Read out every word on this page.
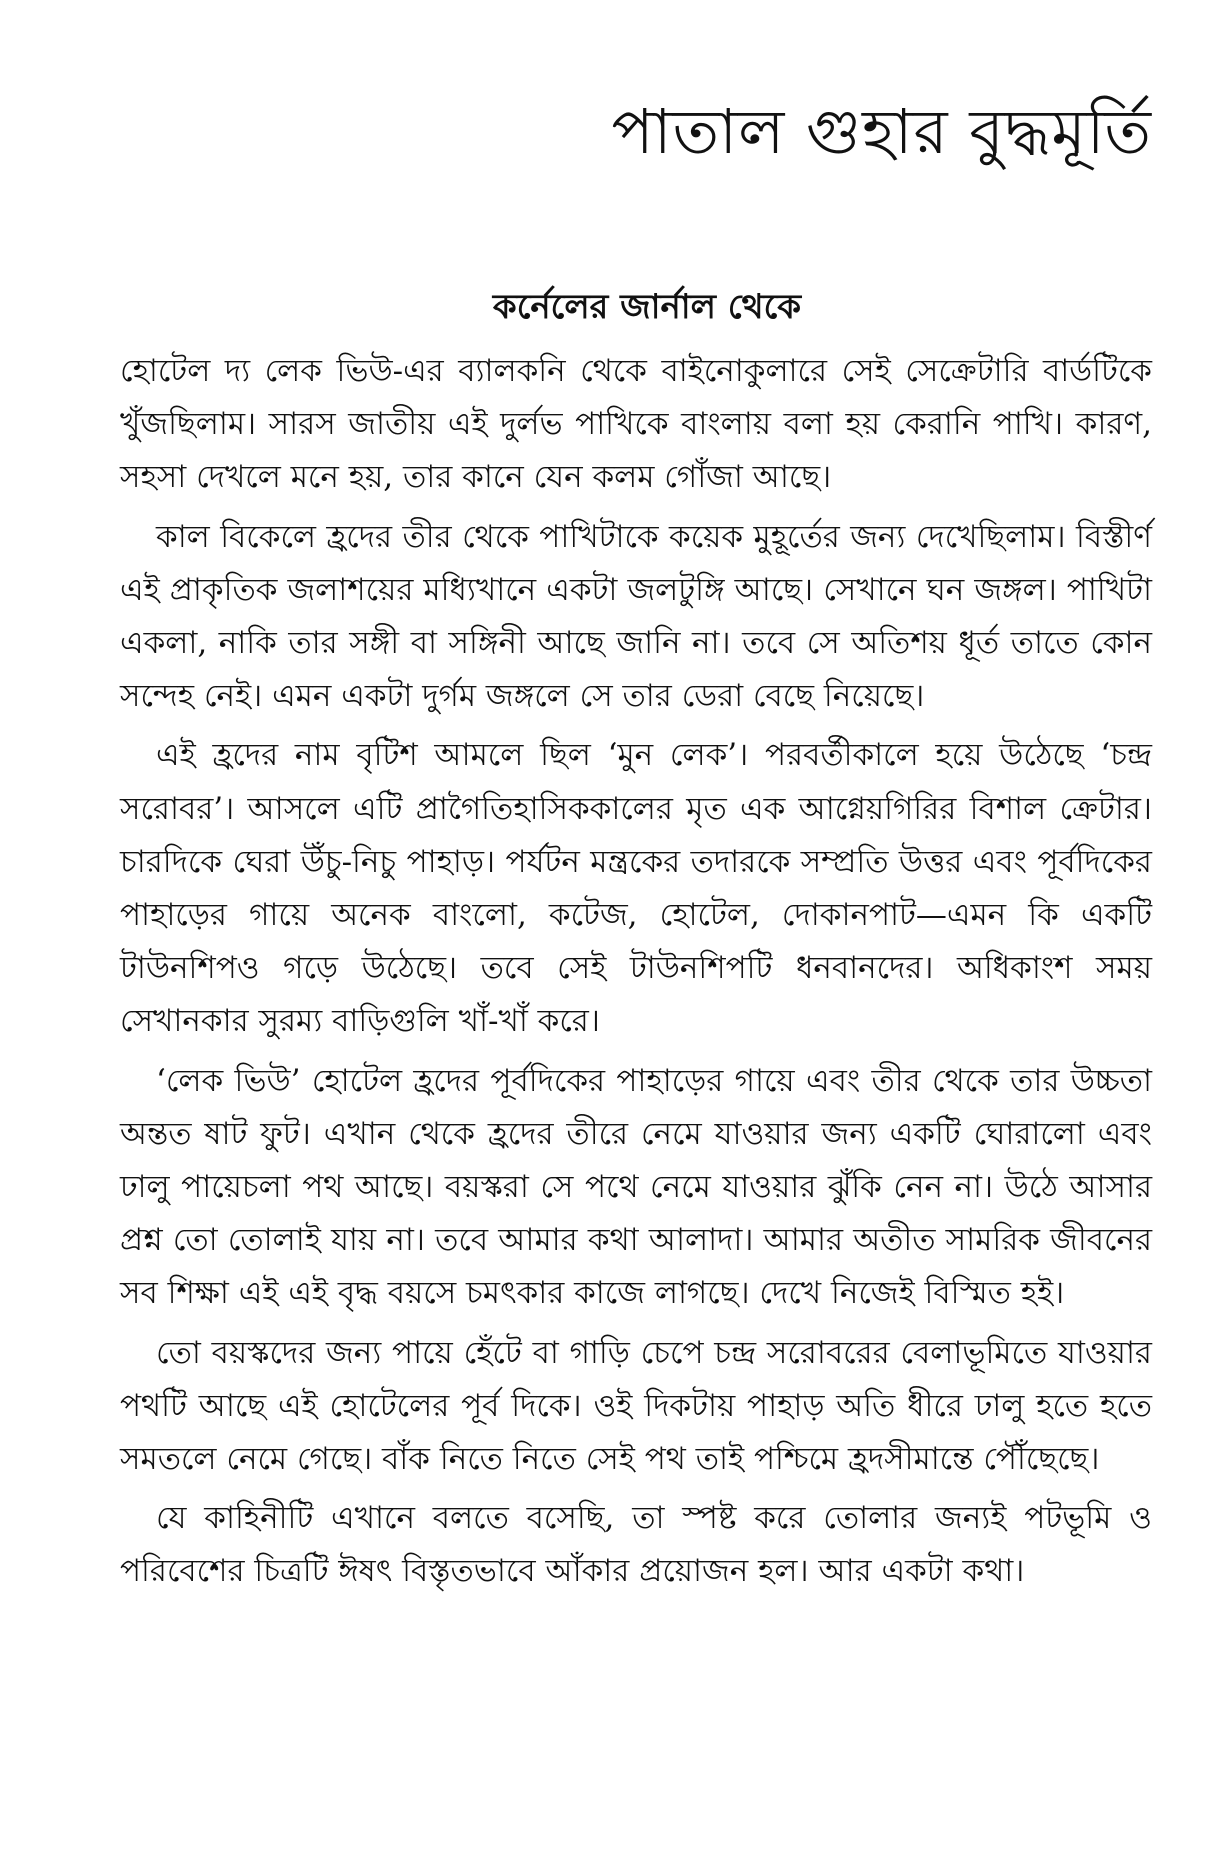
পাতাল গুহার বুদ্ধমূর্তি
কর্নেলের জার্নাল থেকে

হোটেল দ্য লেক ভিউ-এর ব্যালকনি থেকে বাইনোকুলারে সেই সেক্রেটারি বার্ডটিকে খুঁজছিলাম। সারস জাতীয় এই দুর্লভ পাখিকে বাংলায় বলা হয় কেরানি পাখি। কারণ, সহসা দেখলে মনে হয়, তার কানে যেন কলম গোঁজা আছে।

কাল বিকেলে হ্রদের তীর থেকে পাখিটাকে কয়েক মুহূর্তের জন্য দেখেছিলাম। বিস্তীর্ণ এই প্রাকৃতিক জলাশয়ের মধ্যিখানে একটা জলটুঙ্গি আছে। সেখানে ঘন জঙ্গল। পাখিটা একলা, নাকি তার সঙ্গী বা সঙ্গিনী আছে জানি না। তবে সে অতিশয় ধূর্ত তাতে কোন সন্দেহ নেই। এমন একটা দুর্গম জঙ্গলে সে তার ডেরা বেছে নিয়েছে।

এই হ্রদের নাম বৃটিশ আমলে ছিল ‘মুন লেক’। পরবর্তীকালে হয়ে উঠেছে ‘চন্দ্র সরোবর’। আসলে এটি প্রাগৈতিহাসিককালের মৃত এক আগ্নেয়গিরির বিশাল ক্রেটার। চারদিকে ঘেরা উঁচু-নিচু পাহাড়। পর্যটন মন্ত্রকের তদারকে সম্প্রতি উত্তর এবং পূর্বদিকের পাহাড়ের গায়ে অনেক বাংলো, কটেজ, হোটেল, দোকানপাট—এমন কি একটি টাউনশিপও গড়ে উঠেছে। তবে সেই টাউনশিপটি ধনবানদের। অধিকাংশ সময় সেখানকার সুরম্য বাড়িগুলি খাঁ-খাঁ করে।

‘লেক ভিউ’ হোটেল হ্রদের পূর্বদিকের পাহাড়ের গায়ে এবং তীর থেকে তার উচ্চতা অন্তত ষাট ফুট। এখান থেকে হ্রদের তীরে নেমে যাওয়ার জন্য একটি ঘোরালো এবং ঢালু পায়েচলা পথ আছে। বয়স্করা সে পথে নেমে যাওয়ার ঝুঁকি নেন না। উঠে আসার প্রশ্ন তো তোলাই যায় না। তবে আমার কথা আলাদা। আমার অতীত সামরিক জীবনের সব শিক্ষা এই এই বৃদ্ধ বয়সে চমৎকার কাজে লাগছে। দেখে নিজেই বিস্মিত হই।

তো বয়স্কদের জন্য পায়ে হেঁটে বা গাড়ি চেপে চন্দ্র সরোবরের বেলাভূমিতে যাওয়ার পথটি আছে এই হোটেলের পূর্ব দিকে। ওই দিকটায় পাহাড় অতি ধীরে ঢালু হতে হতে সমতলে নেমে গেছে। বাঁক নিতে নিতে সেই পথ তাই পশ্চিমে হ্রদসীমান্তে পৌঁছেছে।

যে কাহিনীটি এখানে বলতে বসেছি, তা স্পষ্ট করে তোলার জন্যই পটভূমি ও পরিবেশের চিত্রটি ঈষৎ বিস্তৃতভাবে আঁকার প্রয়োজন হল। আর একটা কথা।
